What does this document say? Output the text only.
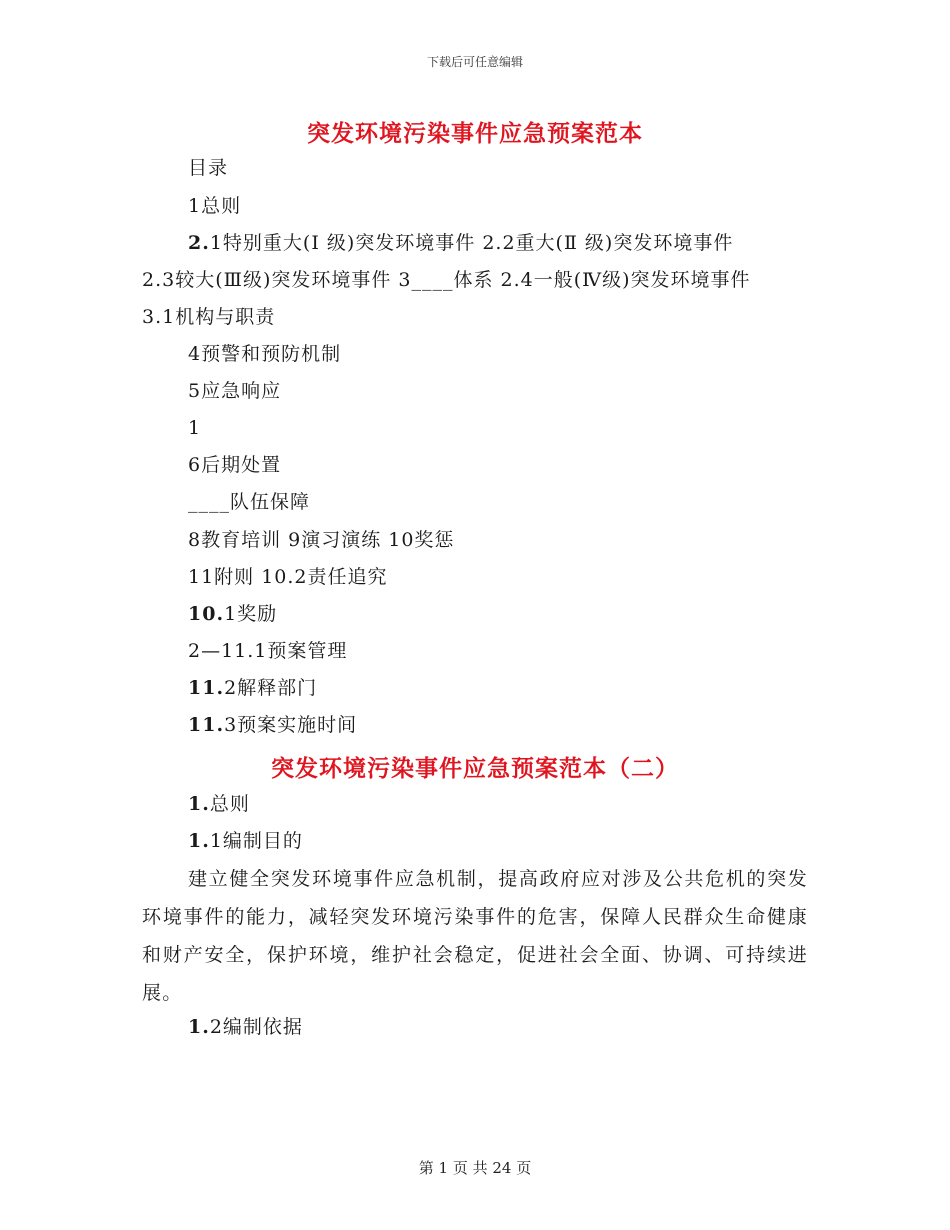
下载后可任意编辑
突发环境污染事件应急预案范本
目录
1总则
2.1特别重大(Ⅰ 级)突发环境事件 2.2重大(Ⅱ 级)突发环境事件
2.3较大(Ⅲ级)突发环境事件 3____体系 2.4一般(Ⅳ级)突发环境事件
3.1机构与职责
4预警和预防机制
5应急响应
1
6后期处置
____队伍保障
8教育培训 9演习演练 10奖惩
11附则 10.2责任追究
10.1奖励
2—11.1预案管理
11.2解释部门
11.3预案实施时间
突发环境污染事件应急预案范本（二）
1.总则
1.1编制目的
建立健全突发环境事件应急机制，提高政府应对涉及公共危机的突发环境事件的能力，减轻突发环境污染事件的危害，保障人民群众生命健康和财产安全，保护环境，维护社会稳定，促进社会全面、协调、可持续进展。
1.2编制依据
第 1 页 共 24 页
